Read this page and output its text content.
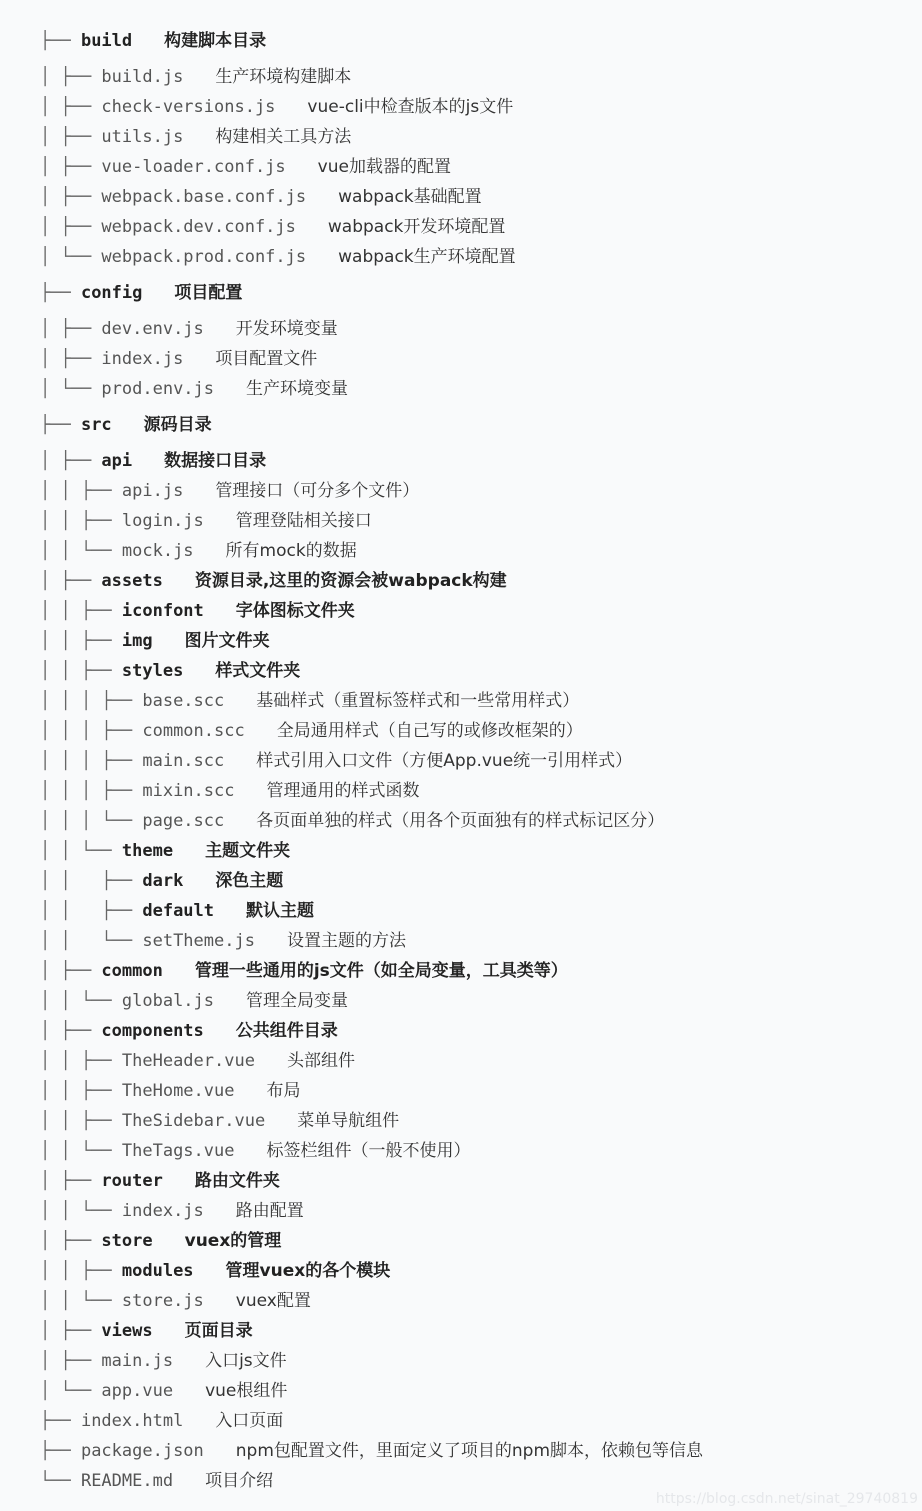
├── build 构建脚本目录
│ ├── build.js 生产环境构建脚本
│ ├── check-versions.js vue-cli中检查版本的js文件
│ ├── utils.js 构建相关工具方法
│ ├── vue-loader.conf.js vue加载器的配置
│ ├── webpack.base.conf.js wabpack基础配置
│ ├── webpack.dev.conf.js wabpack开发环境配置
│ └── webpack.prod.conf.js wabpack生产环境配置
├── config 项目配置
│ ├── dev.env.js 开发环境变量
│ ├── index.js 项目配置文件
│ └── prod.env.js 生产环境变量
├── src 源码目录
│ ├── api 数据接口目录
│ │ ├── api.js 管理接口（可分多个文件）
│ │ ├── login.js 管理登陆相关接口
│ │ └── mock.js 所有mock的数据
│ ├── assets 资源目录,这里的资源会被wabpack构建
│ │ ├── iconfont 字体图标文件夹
│ │ ├── img 图片文件夹
│ │ ├── styles 样式文件夹
│ │ │ ├── base.scc 基础样式（重置标签样式和一些常用样式）
│ │ │ ├── common.scc 全局通用样式（自己写的或修改框架的）
│ │ │ ├── main.scc 样式引用入口文件（方便App.vue统一引用样式）
│ │ │ ├── mixin.scc 管理通用的样式函数
│ │ │ └── page.scc 各页面单独的样式（用各个页面独有的样式标记区分）
│ │ └── theme 主题文件夹
│ │   ├── dark 深色主题
│ │   ├── default 默认主题
│ │   └── setTheme.js 设置主题的方法
│ ├── common 管理一些通用的js文件（如全局变量，工具类等）
│ │ └── global.js 管理全局变量
│ ├── components 公共组件目录
│ │ ├── TheHeader.vue 头部组件
│ │ ├── TheHome.vue 布局
│ │ ├── TheSidebar.vue 菜单导航组件
│ │ └── TheTags.vue 标签栏组件（一般不使用）
│ ├── router 路由文件夹
│ │ └── index.js 路由配置
│ ├── store vuex的管理
│ │ ├── modules 管理vuex的各个模块
│ │ └── store.js vuex配置
│ ├── views 页面目录
│ ├── main.js 入口js文件
│ └── app.vue vue根组件
├── index.html 入口页面
├── package.json npm包配置文件，里面定义了项目的npm脚本，依赖包等信息
└── README.md 项目介绍
https://blog.csdn.net/sinat_29740819
